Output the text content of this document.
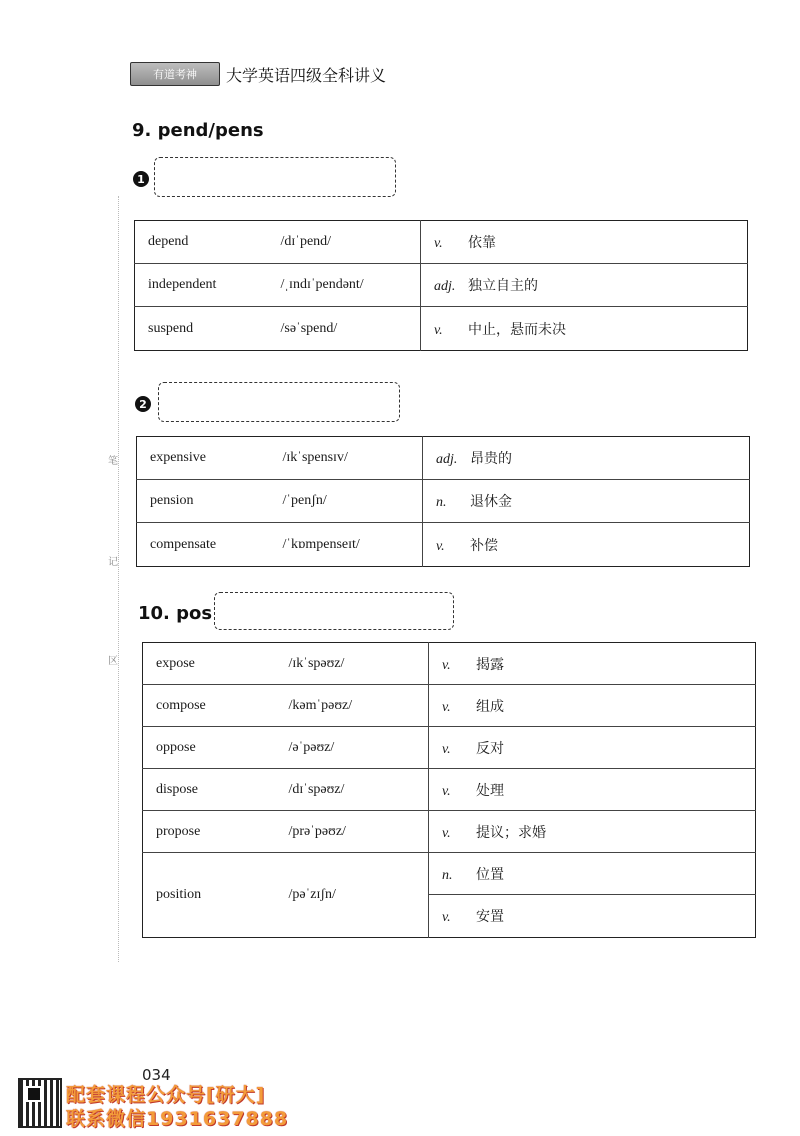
有道考神 大学英语四级全科讲义
笔
记
区
9. pend/pens
1
depend	/dɪˈpend/	v. 依靠
independent	/ˌɪndɪˈpendənt/	adj. 独立自主的
suspend	/səˈspend/	v. 中止，悬而未决
2
expensive	/ɪkˈspensɪv/	adj. 昂贵的
pension	/ˈpenʃn/	n. 退休金
compensate	/ˈkɒmpenseɪt/	v. 补偿
10. pos
expose	/ɪkˈspəʊz/	v. 揭露
compose	/kəmˈpəʊz/	v. 组成
oppose	/əˈpəʊz/	v. 反对
dispose	/dɪˈspəʊz/	v. 处理
propose	/prəˈpəʊz/	v. 提议；求婚
position	/pəˈzɪʃn/	n. 位置
		v. 安置
034
配套课程公众号[研大]
联系微信1931637888
